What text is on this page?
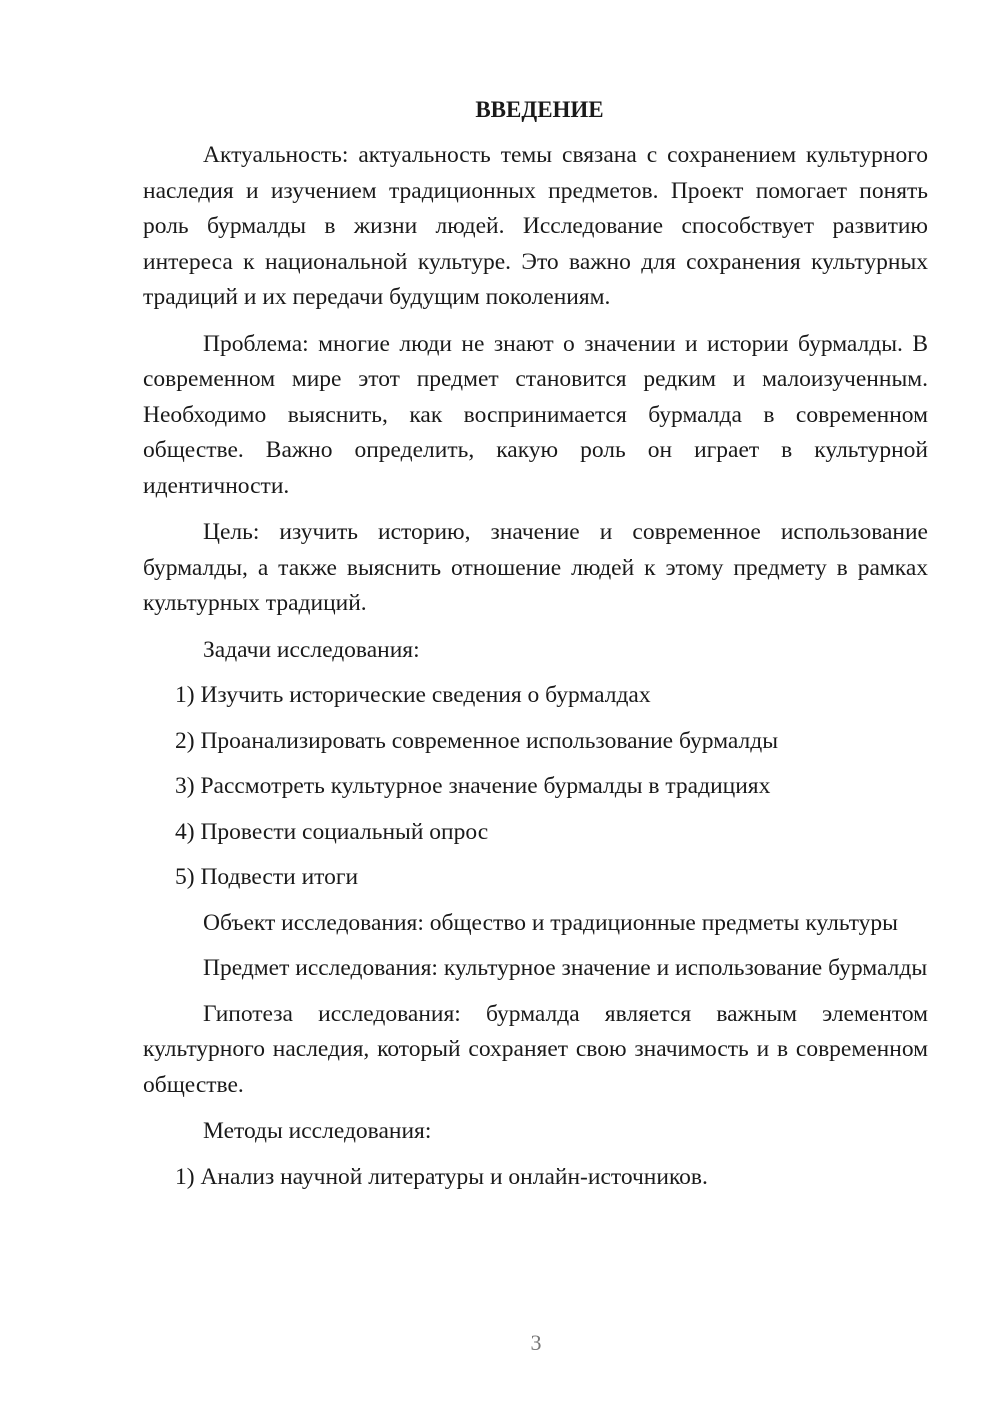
ВВЕДЕНИЕ

Актуальность: актуальность темы связана с сохранением культурного наследия и изучением традиционных предметов. Проект помогает понять роль бурмалды в жизни людей. Исследование способствует развитию интереса к национальной культуре. Это важно для сохранения культурных традиций и их передачи будущим поколениям.

Проблема: многие люди не знают о значении и истории бурмалды. В современном мире этот предмет становится редким и малоизученным. Необходимо выяснить, как воспринимается бурмалда в современном обществе. Важно определить, какую роль он играет в культурной идентичности.

Цель: изучить историю, значение и современное использование бурмалды, а также выяснить отношение людей к этому предмету в рамках культурных традиций.

Задачи исследования:

1) Изучить исторические сведения о бурмалдах

2) Проанализировать современное использование бурмалды

3) Рассмотреть культурное значение бурмалды в традициях

4) Провести социальный опрос

5) Подвести итоги

Объект исследования: общество и традиционные предметы культуры

Предмет исследования: культурное значение и использование бурмалды

Гипотеза исследования: бурмалда является важным элементом культурного наследия, который сохраняет свою значимость и в современном обществе.

Методы исследования:

1) Анализ научной литературы и онлайн-источников.

3
